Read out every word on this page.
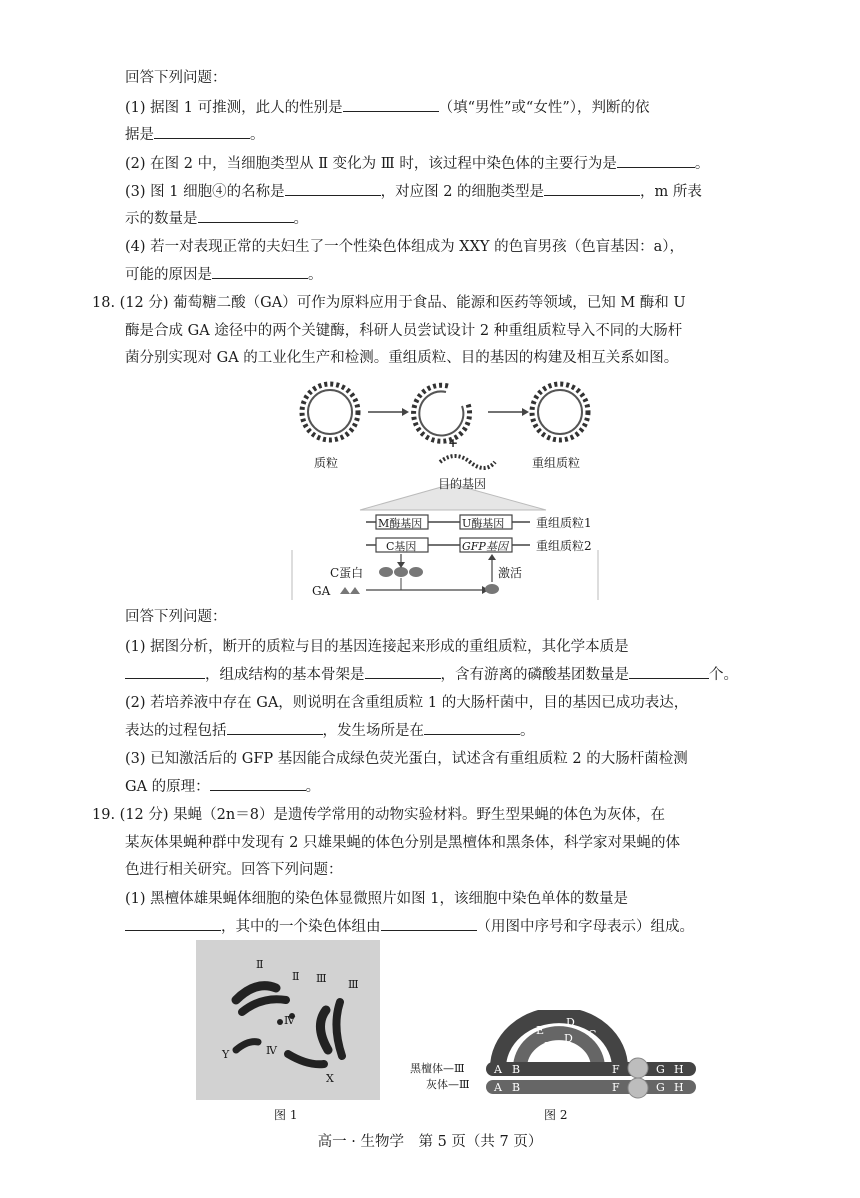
回答下列问题：
(1) 据图 1 可推测，此人的性别是	（填“男性”或“女性”），判断的依
据是	。
(2) 在图 2 中，当细胞类型从 Ⅱ 变化为 Ⅲ 时，该过程中染色体的主要行为是	。
(3) 图 1 细胞④的名称是	，对应图 2 的细胞类型是	，m 所表
示的数量是	。
(4) 若一对表现正常的夫妇生了一个性染色体组成为 XXY 的色盲男孩（色盲基因：a），
可能的原因是	。
18. (12 分) 葡萄糖二酸（GA）可作为原料应用于食品、能源和医药等领域，已知 M 酶和 U
酶是合成 GA 途径中的两个关键酶，科研人员尝试设计 2 种重组质粒导入不同的大肠杆
菌分别实现对 GA 的工业化生产和检测。重组质粒、目的基因的构建及相互关系如图。
质粒
+
目的基因
重组质粒
M酶基因	U酶基因	重组质粒1
C基因	GFP基因 重组质粒2
C蛋白	激活
GA
回答下列问题：
(1) 据图分析，断开的质粒与目的基因连接起来形成的重组质粒，其化学本质是
，组成结构的基本骨架是	，含有游离的磷酸基团数量是	个。
(2) 若培养液中存在 GA，则说明在含重组质粒 1 的大肠杆菌中，目的基因已成功表达，
表达的过程包括	，发生场所是在	。
(3) 已知激活后的 GFP 基因能合成绿色荧光蛋白，试述含有重组质粒 2 的大肠杆菌检测
GA 的原理：	。
19. (12 分) 果蝇（2n＝8）是遗传学常用的动物实验材料。野生型果蝇的体色为灰体，在
某灰体果蝇种群中发现有 2 只雄果蝇的体色分别是黑檀体和黑条体，科学家对果蝇的体
色进行相关研究。回答下列问题：
(1) 黑檀体雄果蝇体细胞的染色体显微照片如图 1，该细胞中染色单体的数量是
，其中的一个染色体组由	（用图中序号和字母表示）组成。
Ⅱ
Ⅱ Ⅲ Ⅲ
Ⅳ
Ⅳ
Y
X
图 1
黑檀体—Ⅲ
灰体—Ⅲ
A B
A B
C
D
E
D
E
F
F
G H
G H
图 2
高一 · 生物学　第 5 页（共 7 页）
